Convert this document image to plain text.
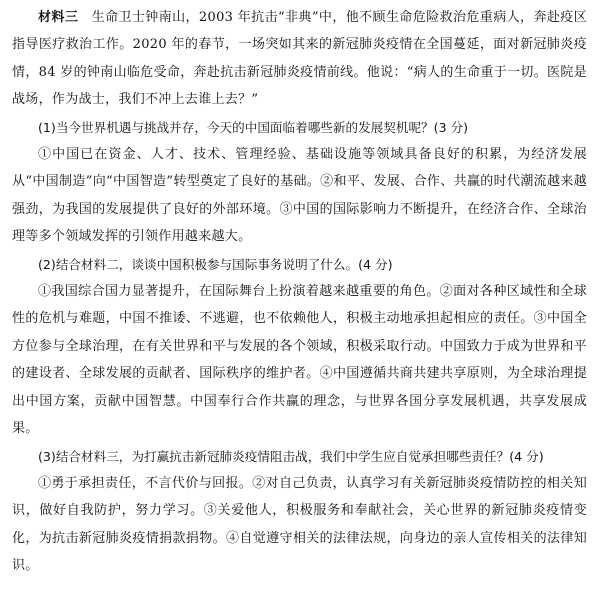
材料三　 生命卫士钟南山，2003 年抗击“非典”中，他不顾生命危险救治危重病人，奔赴疫区指导医疗救治工作。2020 年的春节，一场突如其来的新冠肺炎疫情在全国蔓延，面对新冠肺炎疫情，84 岁的钟南山临危受命，奔赴抗击新冠肺炎疫情前线。他说：“病人的生命重于一切。医院是战场，作为战士，我们不冲上去谁上去？”

(1)当今世界机遇与挑战并存，今天的中国面临着哪些新的发展契机呢？(3 分)

①中国已在资金、人才、技术、管理经验、基础设施等领域具备良好的积累，为经济发展从“中国制造”向“中国智造”转型奠定了良好的基础。②和平、发展、合作、共赢的时代潮流越来越强劲，为我国的发展提供了良好的外部环境。③中国的国际影响力不断提升，在经济合作、全球治理等多个领域发挥的引领作用越来越大。

(2)结合材料二，谈谈中国积极参与国际事务说明了什么。(4 分)

①我国综合国力显著提升，在国际舞台上扮演着越来越重要的角色。②面对各种区域性和全球性的危机与难题，中国不推诿、不逃避，也不依赖他人，积极主动地承担起相应的责任。③中国全方位参与全球治理，在有关世界和平与发展的各个领域，积极采取行动。中国致力于成为世界和平的建设者、全球发展的贡献者、国际秩序的维护者。④中国遵循共商共建共享原则，为全球治理提出中国方案，贡献中国智慧。中国奉行合作共赢的理念，与世界各国分享发展机遇，共享发展成果。

(3)结合材料三，为打赢抗击新冠肺炎疫情阻击战，我们中学生应自觉承担哪些责任？(4 分)

①勇于承担责任，不言代价与回报。②对自己负责，认真学习有关新冠肺炎疫情防控的相关知识，做好自我防护，努力学习。③关爱他人，积极服务和奉献社会，关心世界的新冠肺炎疫情变化，为抗击新冠肺炎疫情捐款捐物。④自觉遵守相关的法律法规，向身边的亲人宣传相关的法律知识。
